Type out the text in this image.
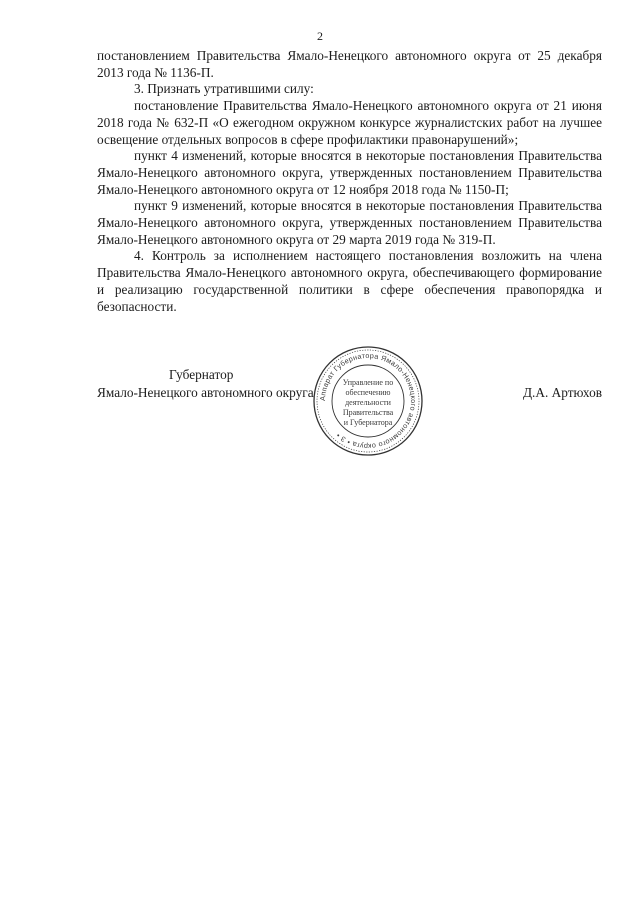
2
постановлением Правительства Ямало-Ненецкого автономного округа от 25 декабря 2013 года № 1136-П.
3. Признать утратившими силу:
постановление Правительства Ямало-Ненецкого автономного округа от 21 июня 2018 года № 632-П «О ежегодном окружном конкурсе журналистских работ на лучшее освещение отдельных вопросов в сфере профилактики правонарушений»;
пункт 4 изменений, которые вносятся в некоторые постановления Правительства Ямало-Ненецкого автономного округа, утвержденных постановлением Правительства Ямало-Ненецкого автономного округа от 12 ноября 2018 года № 1150-П;
пункт 9 изменений, которые вносятся в некоторые постановления Правительства Ямало-Ненецкого автономного округа, утвержденных постановлением Правительства Ямало-Ненецкого автономного округа от 29 марта 2019 года № 319-П.
4. Контроль за исполнением настоящего постановления возложить на члена Правительства Ямало-Ненецкого автономного округа, обеспечивающего формирование и реализацию государственной политики в сфере обеспечения правопорядка и безопасности.
Губернатор
Ямало-Ненецкого автономного округа	Д.А. Артюхов
Аппарат Губернатора Ямало-Ненецкого автономного округа • 3 •
Управление по
обеспечению
деятельности
Правительства
и Губернатора
